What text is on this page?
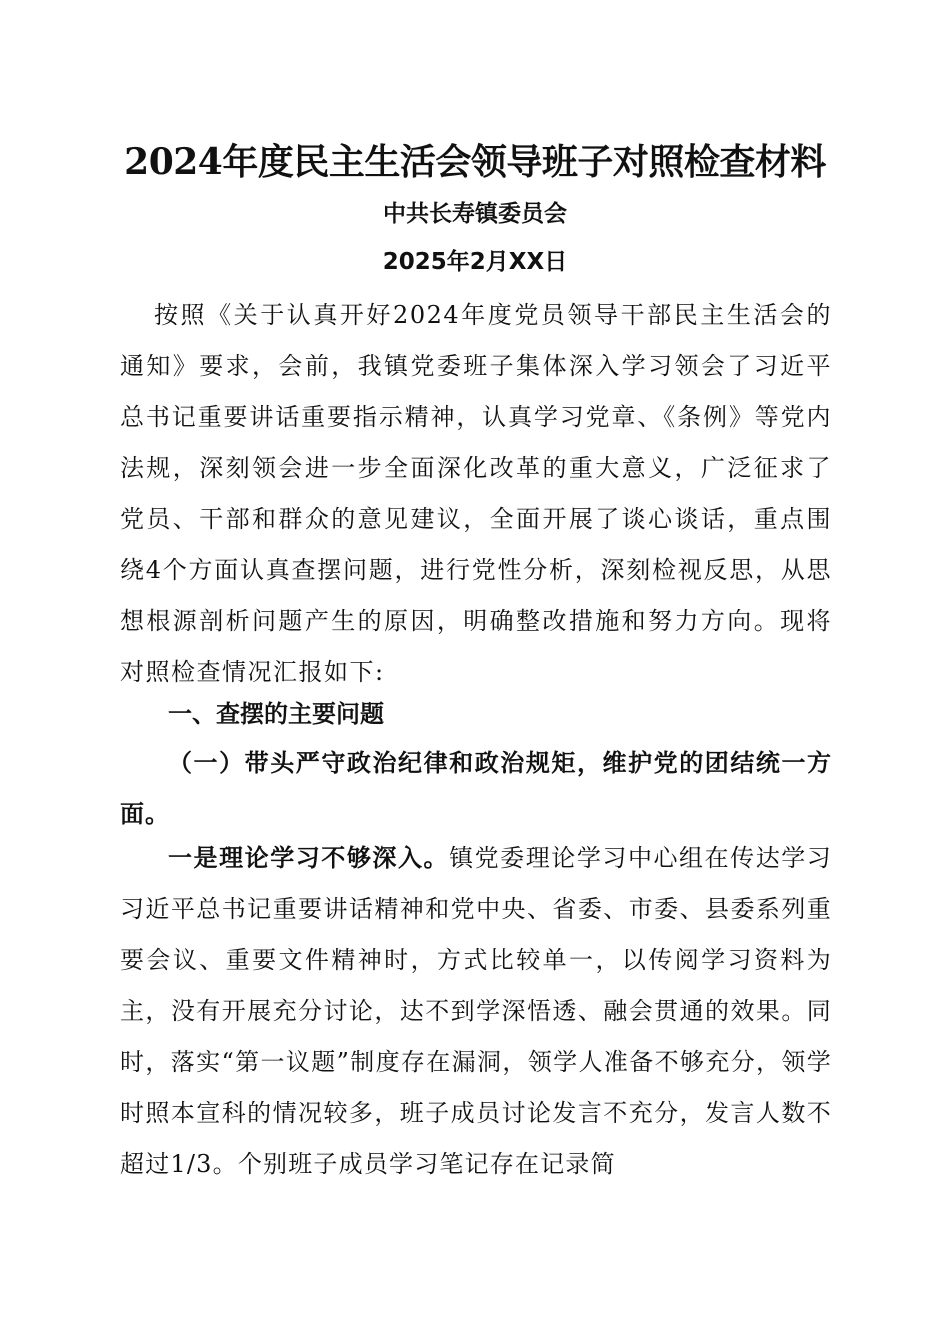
2024年度民主生活会领导班子对照检查材料

中共长寿镇委员会

2025年2月XX日

按照《关于认真开好2024年度党员领导干部民主生活会的通知》要求，会前，我镇党委班子集体深入学习领会了习近平总书记重要讲话重要指示精神，认真学习党章、《条例》等党内法规，深刻领会进一步全面深化改革的重大意义，广泛征求了党员、干部和群众的意见建议，全面开展了谈心谈话，重点围绕4个方面认真查摆问题，进行党性分析，深刻检视反思，从思想根源剖析问题产生的原因，明确整改措施和努力方向。现将对照检查情况汇报如下:

一、查摆的主要问题

（一）带头严守政治纪律和政治规矩，维护党的团结统一方面。

一是理论学习不够深入。镇党委理论学习中心组在传达学习习近平总书记重要讲话精神和党中央、省委、市委、县委系列重要会议、重要文件精神时，方式比较单一，以传阅学习资料为主，没有开展充分讨论，达不到学深悟透、融会贯通的效果。同时，落实“第一议题”制度存在漏洞，领学人准备不够充分，领学时照本宣科的情况较多，班子成员讨论发言不充分，发言人数不超过1/3。个别班子成员学习笔记存在记录简
